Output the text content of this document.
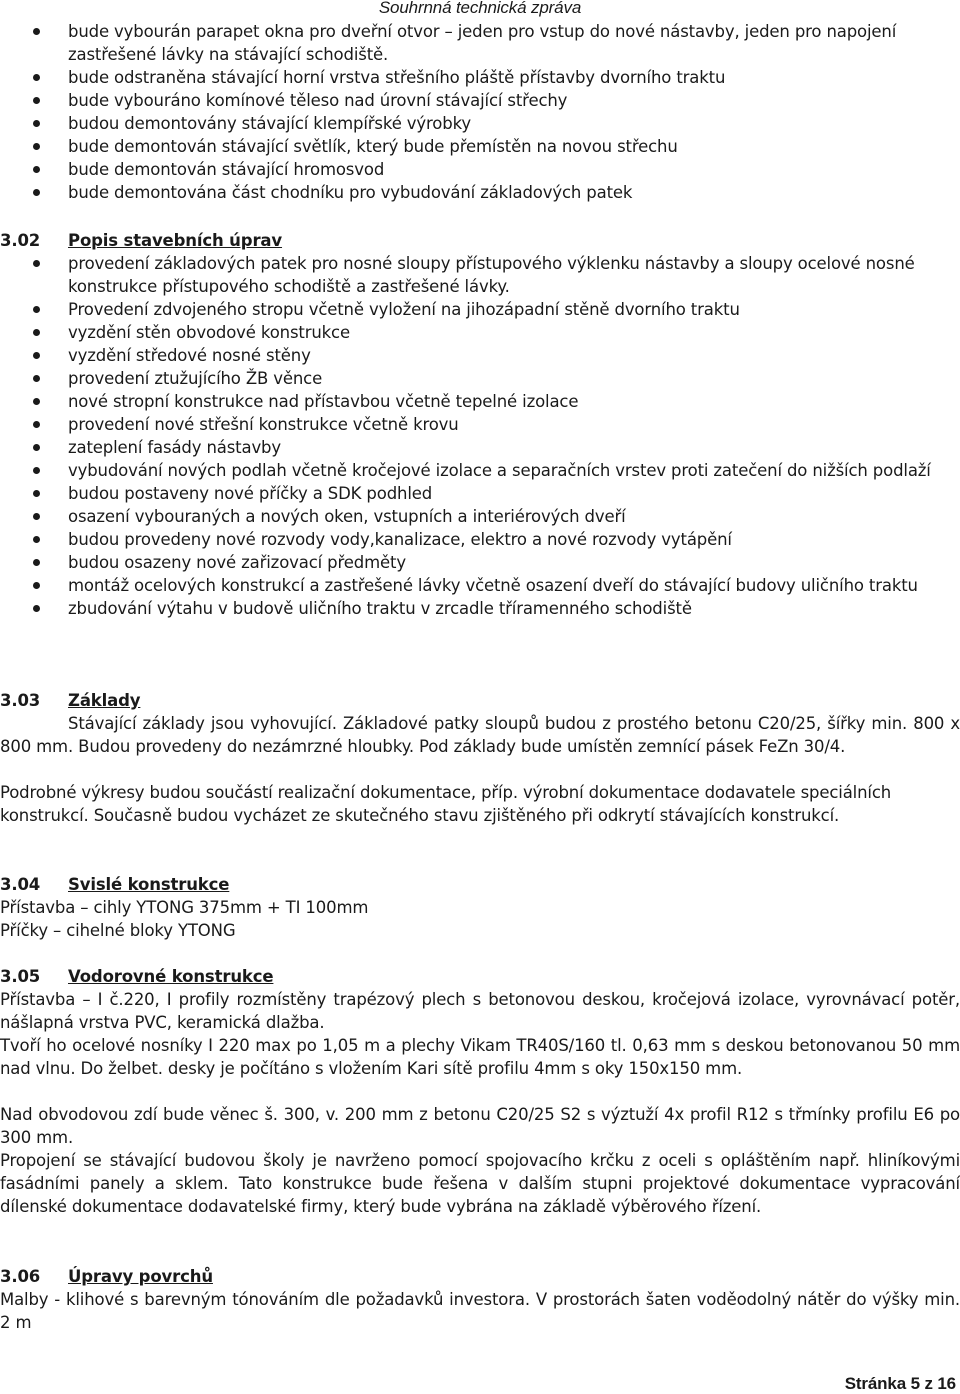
Souhrnná technická zpráva
bude vybourán parapet okna pro dveřní otvor – jeden pro vstup do nové nástavby, jeden pro napojení zastřešené lávky na stávající schodiště.
bude odstraněna stávající horní vrstva střešního pláště přístavby dvorního traktu
bude vybouráno komínové těleso nad úrovní stávající střechy
budou demontovány stávající klempířské výrobky
bude demontován stávající světlík, který bude přemístěn na novou střechu
bude demontován stávající hromosvod
bude demontována část chodníku pro vybudování základových patek
3.02 Popis stavebních úprav
provedení základových patek pro nosné sloupy přístupového výklenku nástavby a sloupy ocelové nosné konstrukce přístupového schodiště a zastřešené lávky.
Provedení zdvojeného stropu včetně vyložení na jihozápadní stěně dvorního traktu
vyzdění stěn obvodové konstrukce
vyzdění středové nosné stěny
provedení ztužujícího ŽB věnce
nové stropní konstrukce nad přístavbou včetně tepelné izolace
provedení nové střešní konstrukce včetně krovu
zateplení fasády nástavby
vybudování nových podlah včetně kročejové izolace a separačních vrstev proti zatečení do nižších podlaží
budou postaveny nové příčky a SDK podhled
osazení vybouraných a nových oken, vstupních a interiérových dveří
budou provedeny nové rozvody vody,kanalizace, elektro a nové rozvody vytápění
budou osazeny nové zařizovací předměty
montáž ocelových konstrukcí a zastřešené lávky včetně osazení dveří do stávající budovy uličního traktu
zbudování výtahu v budově uličního traktu v zrcadle tříramenného schodiště
3.03 Základy

Stávající základy jsou vyhovující. Základové patky sloupů budou z prostého betonu C20/25, šířky min. 800 x 800 mm. Budou provedeny do nezámrzné hloubky. Pod základy bude umístěn zemnící pásek FeZn 30/4.

Podrobné výkresy budou součástí realizační dokumentace, příp. výrobní dokumentace dodavatele speciálních konstrukcí. Současně budou vycházet ze skutečného stavu zjištěného při odkrytí stávajících konstrukcí.

3.04 Svislé konstrukce

Přístavba – cihly YTONG 375mm + TI 100mm

Příčky – cihelné bloky YTONG

3.05 Vodorovné konstrukce

Přístavba – I č.220, I profily rozmístěny trapézový plech s betonovou deskou, kročejová izolace, vyrovnávací potěr, nášlapná vrstva PVC, keramická dlažba.

Tvoří ho ocelové nosníky I 220 max po 1,05 m a plechy Vikam TR40S/160 tl. 0,63 mm s deskou betonovanou 50 mm nad vlnu. Do želbet. desky je počítáno s vložením Kari sítě profilu 4mm s oky 150x150 mm.

Nad obvodovou zdí bude věnec š. 300, v. 200 mm z betonu C20/25 S2 s výztuží 4x profil R12 s třmínky profilu E6 po 300 mm.

Propojení se stávající budovou školy je navrženo pomocí spojovacího krčku z oceli s opláštěním např. hliníkovými fasádními panely a sklem. Tato konstrukce bude řešena v dalším stupni projektové dokumentace vypracování dílenské dokumentace dodavatelské firmy, který bude vybrána na základě výběrového řízení.

3.06 Úpravy povrchů

Malby - klihové s barevným tónováním dle požadavků investora. V prostorách šaten voděodolný nátěr do výšky min. 2 m

Stránka 5 z 16
